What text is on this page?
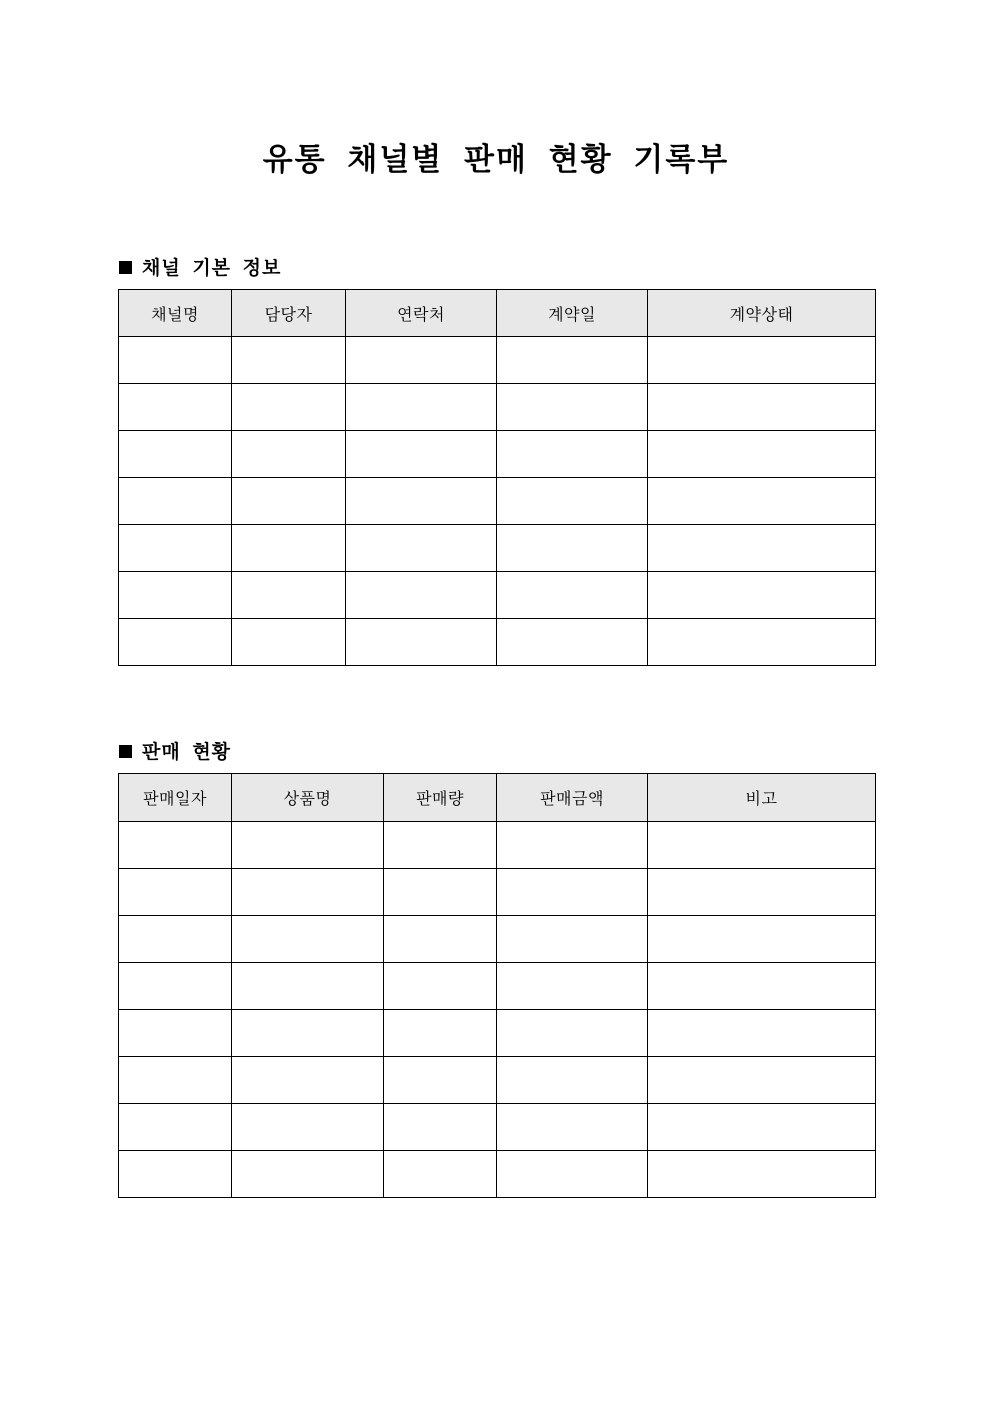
유통 채널별 판매 현황 기록부
채널 기본 정보
채널명	담당자	연락처	계약일	계약상태

판매 현황
판매일자	상품명	판매량	판매금액	비고
